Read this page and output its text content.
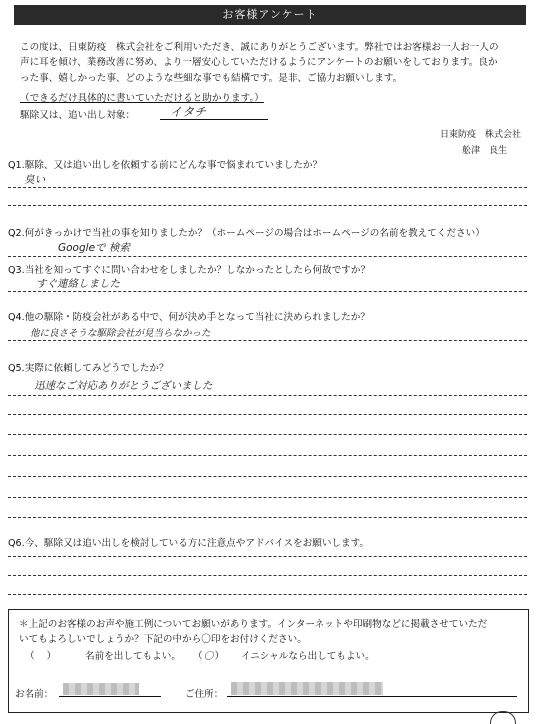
お客様アンケート

この度は、日東防疫　株式会社をご利用いただき、誠にありがとうございます。弊社ではお客様お一人お一人の

声に耳を傾け、業務改善に努め、より一層安心していただけるようにアンケートのお願いをしております。良か

った事、嬉しかった事、どのような些細な事でも結構です。是非、ご協力お願いします。

（できるだけ具体的に書いていただけると助かります。）
駆除又は、追い出し対象：	イタチ
日東防疫　株式会社
舩津　良生
Q1.駆除、又は追い出しを依頼する前にどんな事で悩まれていましたか？
臭い
Q2.何がきっかけで当社の事を知りましたか？（ホームページの場合はホームページの名前を教えてください）
Googleで 検索
Q3.当社を知ってすぐに問い合わせをしましたか？しなかったとしたら何故ですか？
すぐ連絡しました
Q4.他の駆除・防疫会社がある中で、何が決め手となって当社に決められましたか？
他に良さそうな駆除会社が見当らなかった
Q5.実際に依頼してみどうでしたか？
迅速なご対応ありがとうございました
Q6.今、駆除又は追い出しを検討している方に注意点やアドバイスをお願いします。
＊上記のお客様のお声や施工例についてお願いがあります。インターネットや印刷物などに掲載させていただ
いてもよろしいでしょうか？下記の中から〇印をお付けください。
（ ）	名前を出してもよい。 （〇） イニシャルなら出してもよい。
お名前：	ご住所：
